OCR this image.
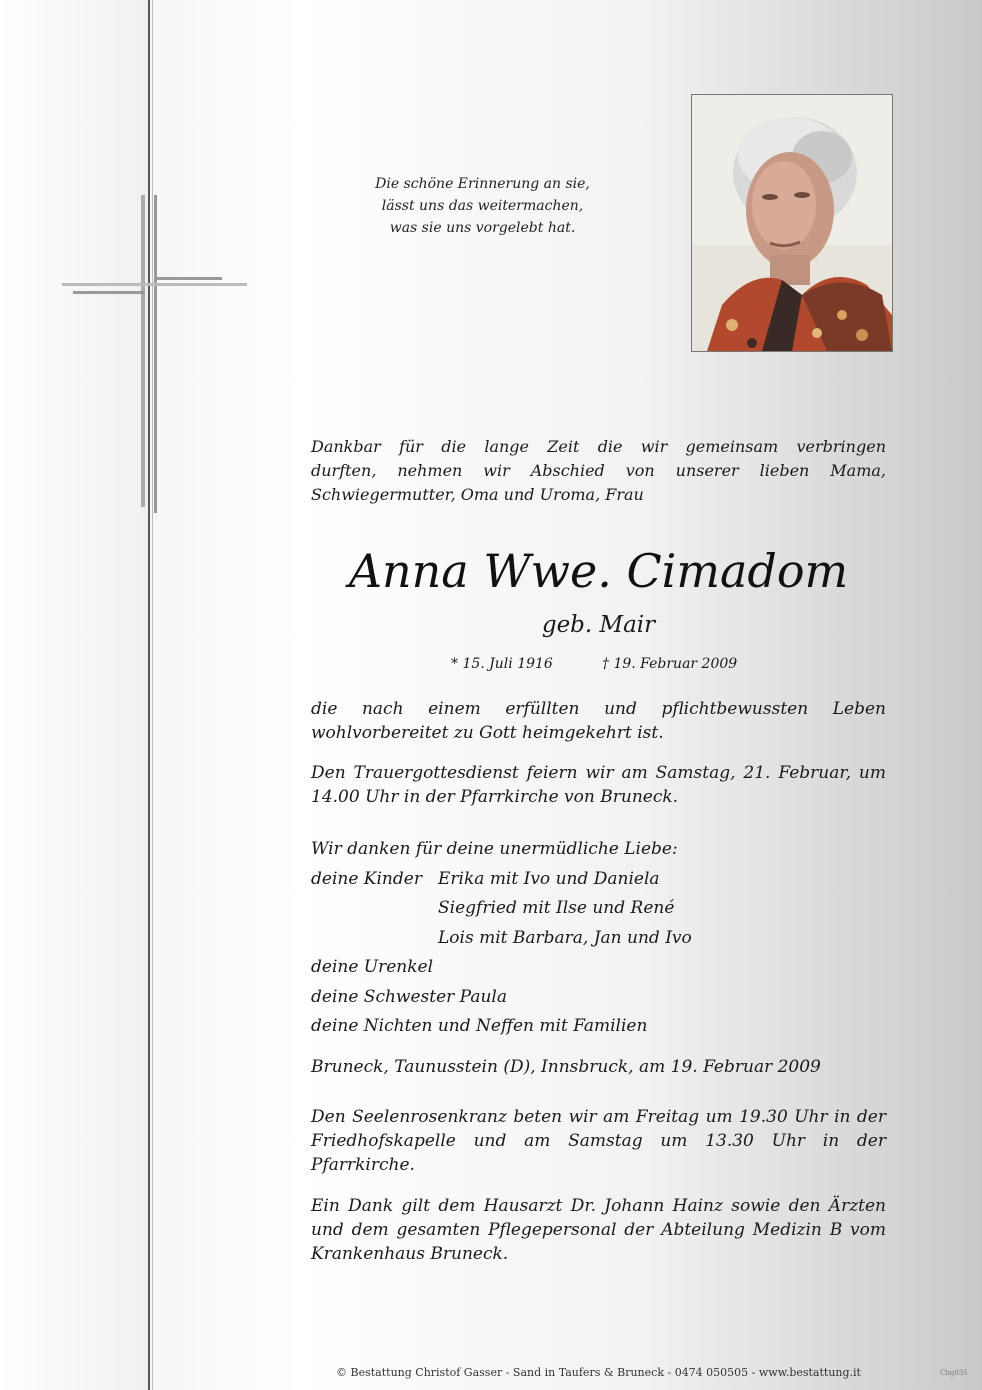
Die schöne Erinnerung an sie,
lässt uns das weitermachen,
was sie uns vorgelebt hat.
Dankbar für die lange Zeit die wir gemeinsam verbringen
durften, nehmen wir Abschied von unserer lieben Mama,
Schwiegermutter, Oma und Uroma, Frau
Anna Wwe. Cimadom
geb. Mair
* 15. Juli 1916	† 19. Februar 2009
die nach einem erfüllten und pflichtbewussten Leben
wohlvorbereitet zu Gott heimgekehrt ist.
Den Trauergottesdienst feiern wir am Samstag, 21. Februar, um
14.00 Uhr in der Pfarrkirche von Bruneck.
Wir danken für deine unermüdliche Liebe:
deine Kinder Erika mit Ivo und Daniela
Siegfried mit Ilse und René
Lois mit Barbara, Jan und Ivo
deine Urenkel
deine Schwester Paula
deine Nichten und Neffen mit Familien
Bruneck, Taunusstein (D), Innsbruck, am 19. Februar 2009
Den Seelenrosenkranz beten wir am Freitag um 19.30 Uhr in der
Friedhofskapelle und am Samstag um 13.30 Uhr in der
Pfarrkirche.
Ein Dank gilt dem Hausarzt Dr. Johann Hainz sowie den Ärzten
und dem gesamten Pflegepersonal der Abteilung Medizin B vom
Krankenhaus Bruneck.
© Bestattung Christof Gasser - Sand in Taufers & Bruneck - 0474 050505 - www.bestattung.it	Cbg035
